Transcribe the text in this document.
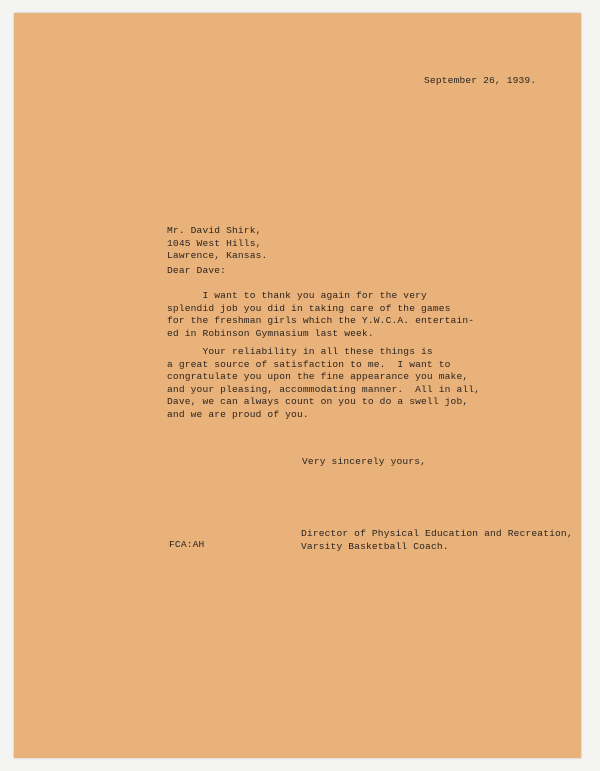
September 26, 1939.
Mr. David Shirk,
1045 West Hills,
Lawrence, Kansas.
Dear Dave:
I want to thank you again for the very
splendid job you did in taking care of the games
for the freshman girls which the Y.W.C.A. entertain-
ed in Robinson Gymnasium last week.
Your reliability in all these things is
a great source of satisfaction to me.  I want to
congratulate you upon the fine appearance you make,
and your pleasing, accommodating manner.  All in all,
Dave, we can always count on you to do a swell job,
and we are proud of you.
Very sincerely yours,
Director of Physical Education and Recreation,
Varsity Basketball Coach.
FCA:AH
